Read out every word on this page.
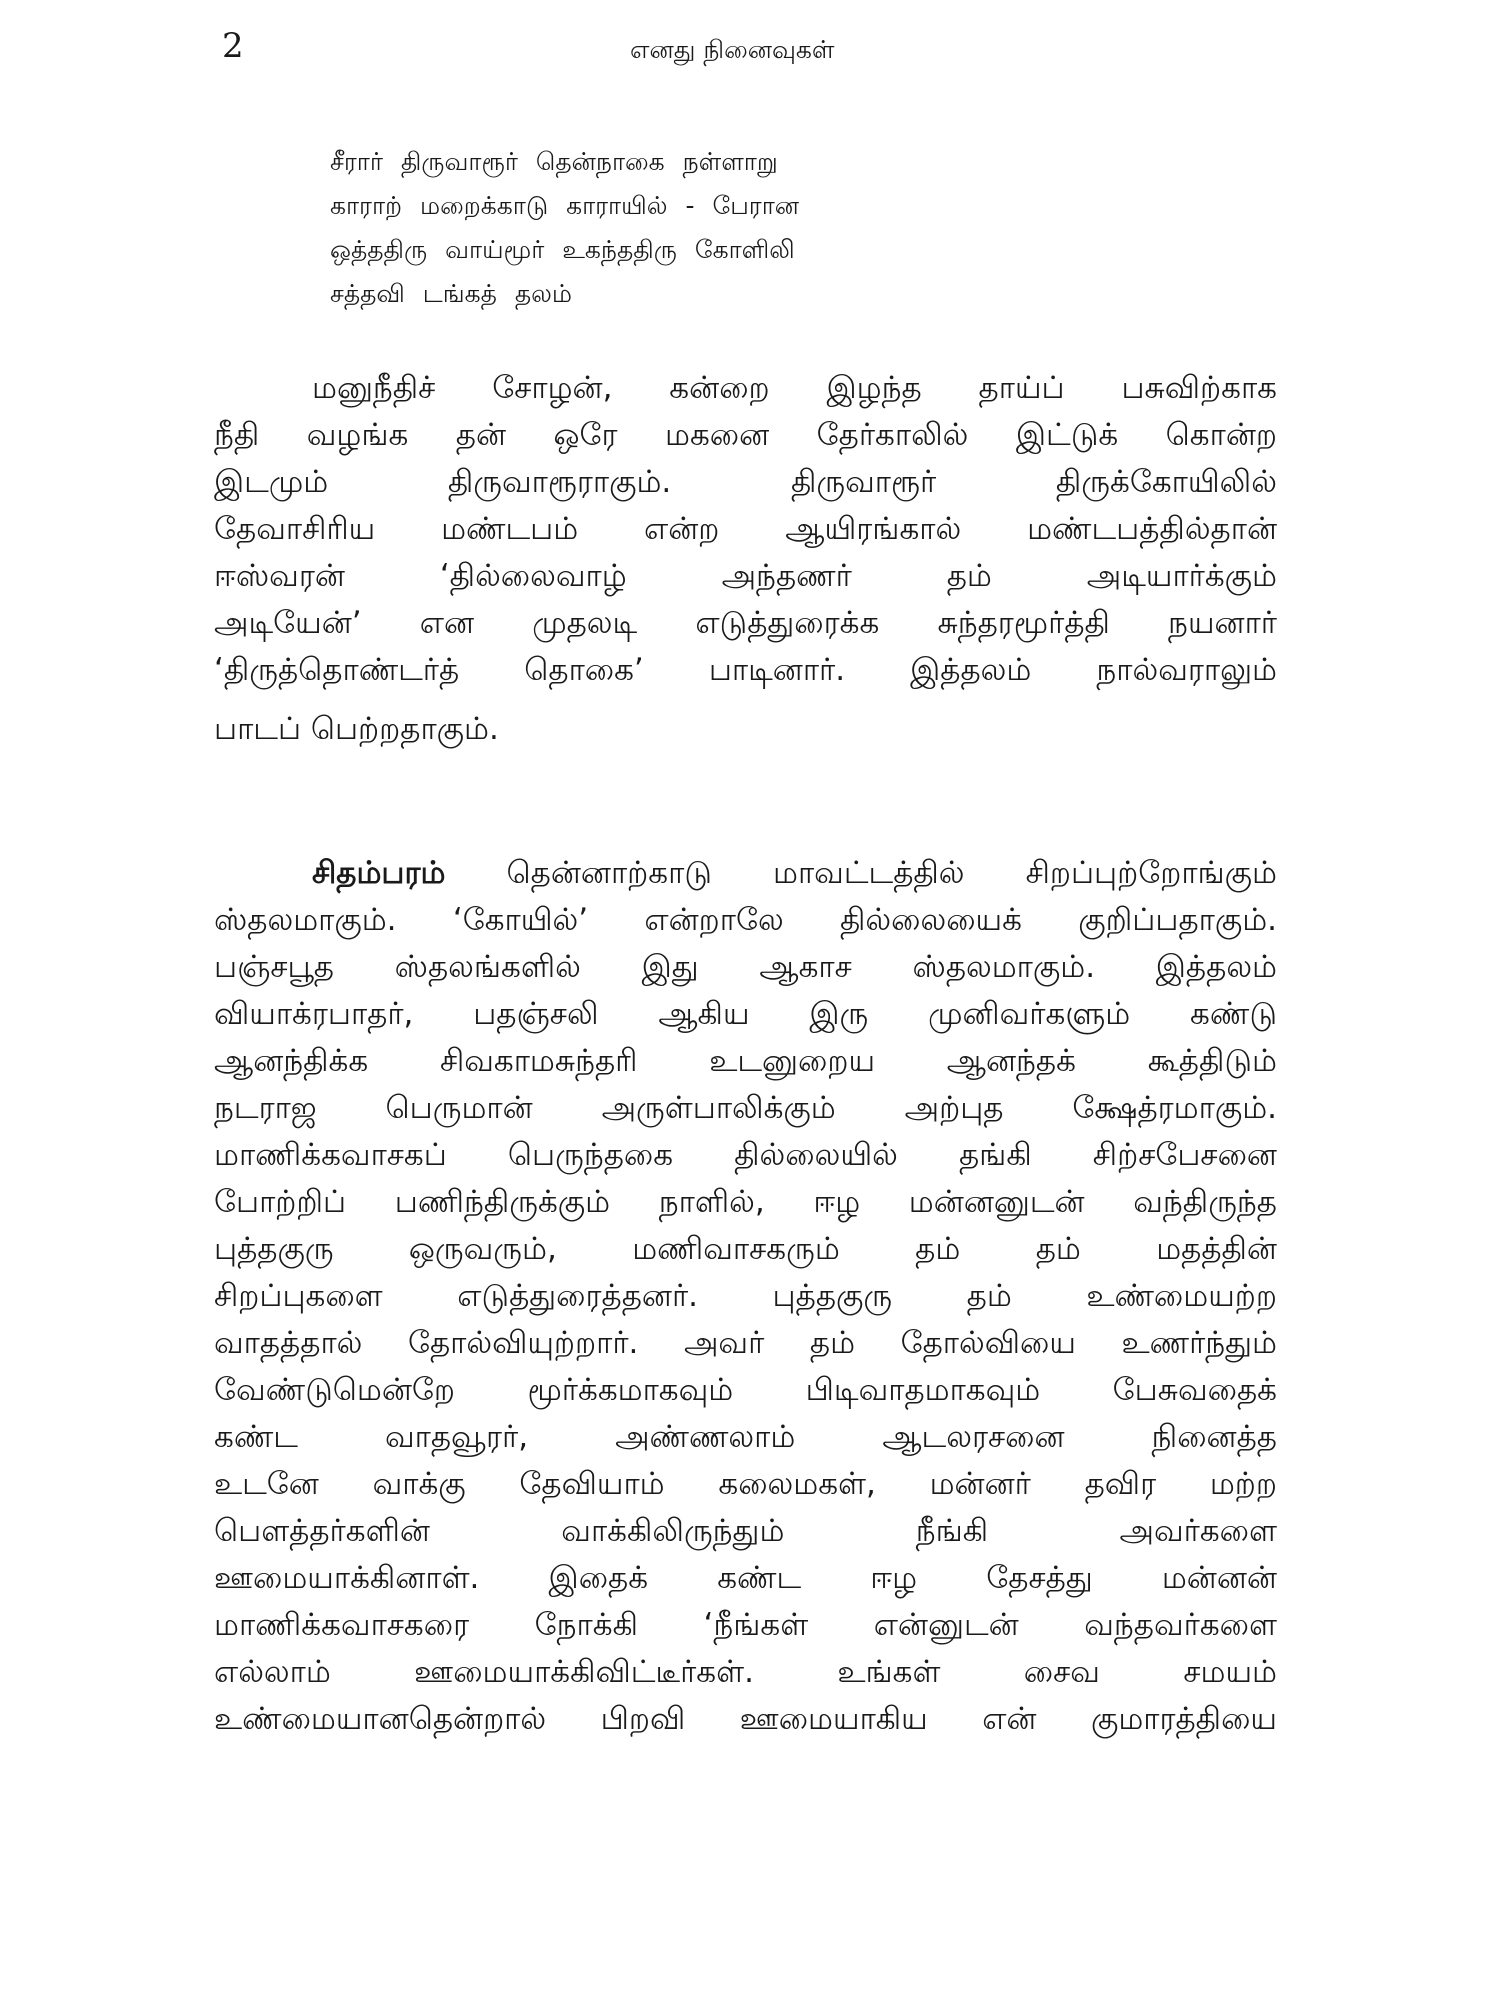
2	எனது நினைவுகள்
சீரார் திருவாரூர் தென்நாகை நள்ளாறு
காராற் மறைக்காடு காராயில் - பேரான
ஒத்ததிரு வாய்மூர் உகந்ததிரு கோளிலி
சத்தவி டங்கத் தலம்
மனுநீதிச் சோழன், கன்றை இழந்த தாய்ப் பசுவிற்காக
நீதி வழங்க தன் ஒரே மகனை தேர்காலில் இட்டுக் கொன்ற
இடமும் திருவாரூராகும். திருவாரூர் திருக்கோயிலில்
தேவாசிரிய மண்டபம் என்ற ஆயிரங்கால் மண்டபத்தில்தான்
ஈஸ்வரன் ‘தில்லைவாழ் அந்தணர் தம் அடியார்க்கும்
அடியேன்’ என முதலடி எடுத்துரைக்க சுந்தரமூர்த்தி நயனார்
‘திருத்தொண்டர்த் தொகை’ பாடினார். இத்தலம் நால்வராலும்
பாடப் பெற்றதாகும்.
சிதம்பரம் தென்னாற்காடு மாவட்டத்தில் சிறப்புற்றோங்கும்
ஸ்தலமாகும். ‘கோயில்’ என்றாலே தில்லையைக் குறிப்பதாகும்.
பஞ்சபூத ஸ்தலங்களில் இது ஆகாச ஸ்தலமாகும். இத்தலம்
வியாக்ரபாதர், பதஞ்சலி ஆகிய இரு முனிவர்களும் கண்டு
ஆனந்திக்க சிவகாமசுந்தரி உடனுறைய ஆனந்தக் கூத்திடும்
நடராஜ பெருமான் அருள்பாலிக்கும் அற்புத க்ஷேத்ரமாகும்.
மாணிக்கவாசகப் பெருந்தகை தில்லையில் தங்கி சிற்சபேசனை
போற்றிப் பணிந்திருக்கும் நாளில், ஈழ மன்னனுடன் வந்திருந்த
புத்தகுரு ஒருவரும், மணிவாசகரும் தம் தம் மதத்தின்
சிறப்புகளை எடுத்துரைத்தனர். புத்தகுரு தம் உண்மையற்ற
வாதத்தால் தோல்வியுற்றார். அவர் தம் தோல்வியை உணர்ந்தும்
வேண்டுமென்றே மூர்க்கமாகவும் பிடிவாதமாகவும் பேசுவதைக்
கண்ட வாதவூரர், அண்ணலாம் ஆடலரசனை நினைத்த
உடனே வாக்கு தேவியாம் கலைமகள், மன்னர் தவிர மற்ற
பௌத்தர்களின் வாக்கிலிருந்தும் நீங்கி அவர்களை
ஊமையாக்கினாள். இதைக் கண்ட ஈழ தேசத்து மன்னன்
மாணிக்கவாசகரை நோக்கி ‘நீங்கள் என்னுடன் வந்தவர்களை
எல்லாம் ஊமையாக்கிவிட்டீர்கள். உங்கள் சைவ சமயம்
உண்மையானதென்றால் பிறவி ஊமையாகிய என் குமாரத்தியை
